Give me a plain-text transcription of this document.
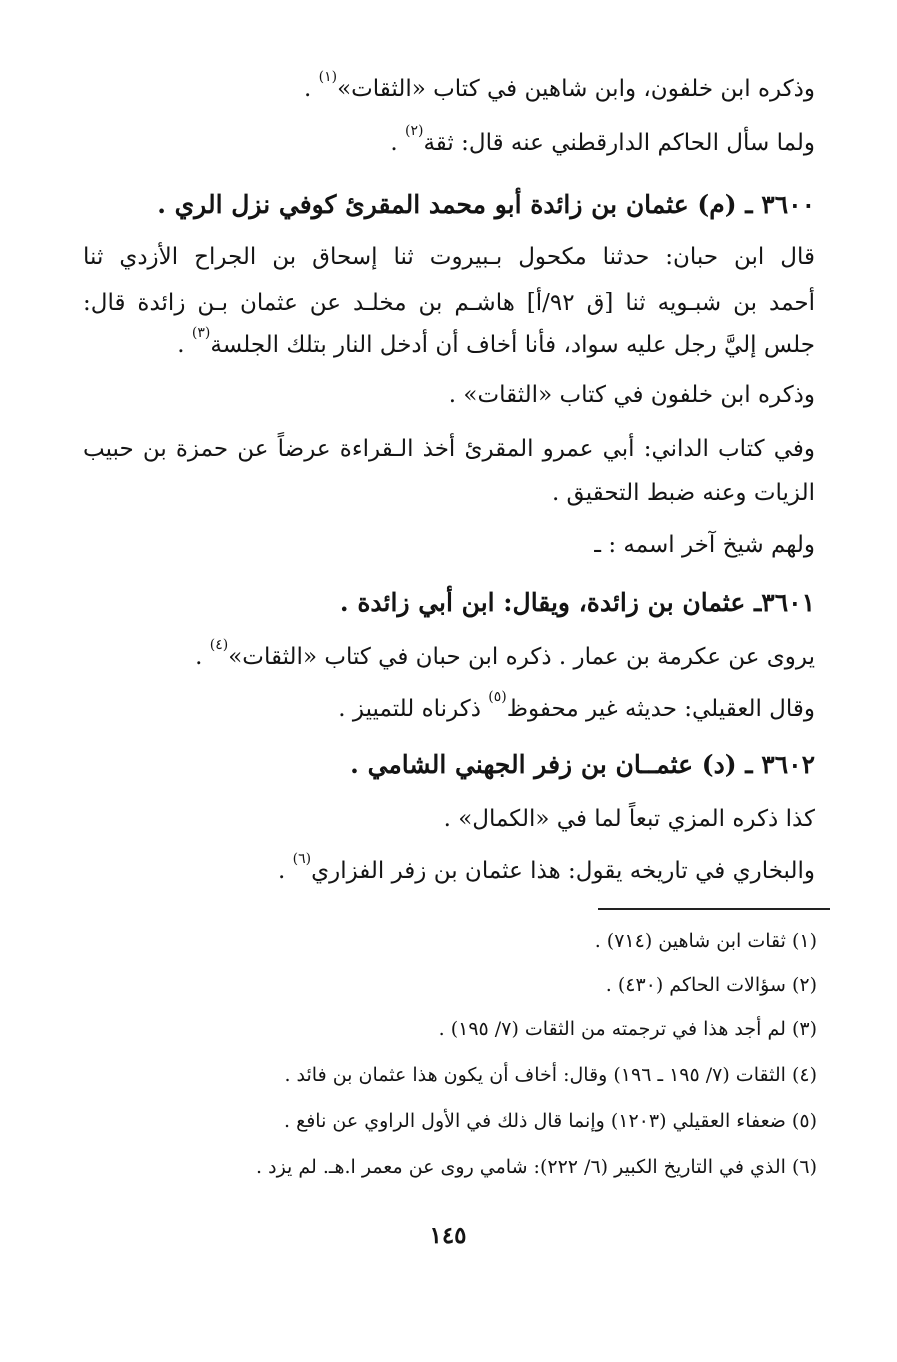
وذكره ابن خلفون، وابن شاهين في كتاب «الثقات»$^{(١)}$ .
ولما سأل الحاكم الدارقطني عنه قال: ثقة$^{(٢)}$ .
٣٦٠٠ ـ (م) عثمان بن زائدة أبو محمد المقرئ كوفي نزل الري .
قال ابن حبان: حدثنا مكحول بـبيروت ثنا إسحاق بن الجراح الأزدي ثنا
أحمد بن شبـويه ثنا [ق ٩٢/أ] هاشـم بن مخلـد عن عثمان بـن زائدة قال:
جلس إليَّ رجل عليه سواد، فأنا أخاف أن أدخل النار بتلك الجلسة$^{(٣)}$ .
وذكره ابن خلفون في كتاب «الثقات» .
وفي كتاب الداني: أبي عمرو المقرئ أخذ الـقراءة عرضاً عن حمزة بن حبيب
الزيات وعنه ضبط التحقيق .
ولهم شيخ آخر اسمه : ـ
٣٦٠١ـ عثمان بن زائدة، ويقال: ابن أبي زائدة .
يروى عن عكرمة بن عمار . ذكره ابن حبان في كتاب «الثقات»$^{(٤)}$ .
وقال العقيلي: حديثه غير محفوظ$^{(٥)}$ ذكرناه للتمييز .
٣٦٠٢ ـ (د) عثمــان بن زفر الجهني الشامي .
كذا ذكره المزي تبعاً لما في «الكمال» .
والبخاري في تاريخه يقول: هذا عثمان بن زفر الفزاري$^{(٦)}$ .
(١) ثقات ابن شاهين (٧١٤) .
(٢) سؤالات الحاكم (٤٣٠) .
(٣) لم أجد هذا في ترجمته من الثقات (٧/ ١٩٥) .
(٤) الثقات (٧/ ١٩٥ ـ ١٩٦) وقال: أخاف أن يكون هذا عثمان بن فائد .
(٥) ضعفاء العقيلي (١٢٠٣) وإنما قال ذلك في الأول الراوي عن نافع .
(٦) الذي في التاريخ الكبير (٦/ ٢٢٢): شامي روى عن معمر ا.هـ. لم يزد .
١٤٥
